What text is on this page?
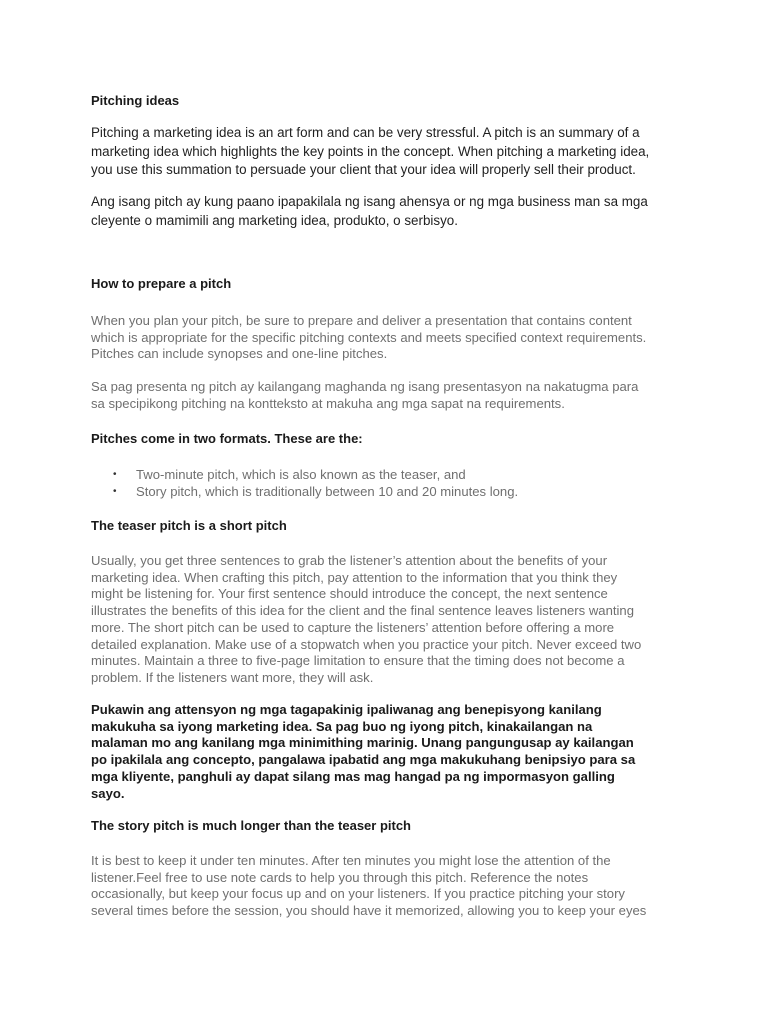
Pitching ideas
Pitching a marketing idea is an art form and can be very stressful. A pitch is an summary of a
marketing idea which highlights the key points in the concept. When pitching a marketing idea,
you use this summation to persuade your client that your idea will properly sell their product.
Ang isang pitch ay kung paano ipapakilala ng isang ahensya or ng mga business man sa mga
cleyente o mamimili ang marketing idea, produkto, o serbisyo.
How to prepare a pitch
When you plan your pitch, be sure to prepare and deliver a presentation that contains content
which is appropriate for the specific pitching contexts and meets specified context requirements.
Pitches can include synopses and one-line pitches.
Sa pag presenta ng pitch ay kailangang maghanda ng isang presentasyon na nakatugma para
sa specipikong pitching na kontteksto at makuha ang mga sapat na requirements.
Pitches come in two formats. These are the:
• Two-minute pitch, which is also known as the teaser, and
• Story pitch, which is traditionally between 10 and 20 minutes long.
The teaser pitch is a short pitch
Usually, you get three sentences to grab the listener’s attention about the benefits of your
marketing idea. When crafting this pitch, pay attention to the information that you think they
might be listening for. Your first sentence should introduce the concept, the next sentence
illustrates the benefits of this idea for the client and the final sentence leaves listeners wanting
more. The short pitch can be used to capture the listeners’ attention before offering a more
detailed explanation. Make use of a stopwatch when you practice your pitch. Never exceed two
minutes. Maintain a three to five-page limitation to ensure that the timing does not become a
problem. If the listeners want more, they will ask.
Pukawin ang attensyon ng mga tagapakinig ipaliwanag ang benepisyong kanilang
makukuha sa iyong marketing idea. Sa pag buo ng iyong pitch, kinakailangan na
malaman mo ang kanilang mga minimithing marinig. Unang pangungusap ay kailangan
po ipakilala ang concepto, pangalawa ipabatid ang mga makukuhang benipsiyo para sa
mga kliyente, panghuli ay dapat silang mas mag hangad pa ng impormasyon galling
sayo.
The story pitch is much longer than the teaser pitch
It is best to keep it under ten minutes. After ten minutes you might lose the attention of the
listener.Feel free to use note cards to help you through this pitch. Reference the notes
occasionally, but keep your focus up and on your listeners. If you practice pitching your story
several times before the session, you should have it memorized, allowing you to keep your eyes
